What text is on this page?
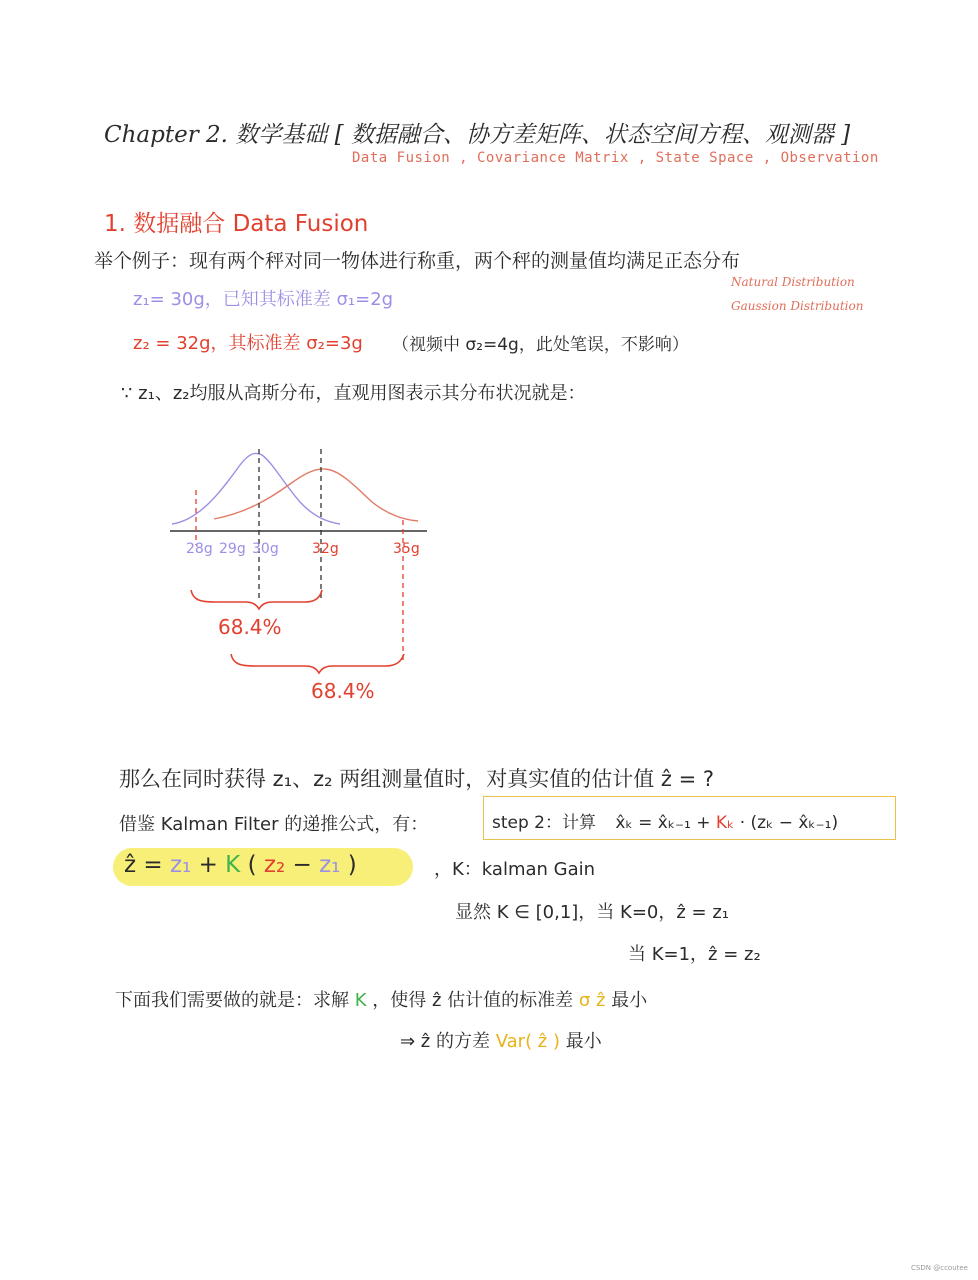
Chapter 2. 数学基础 [ 数据融合、协方差矩阵、状态空间方程、观测器 ]
Data Fusion , Covariance Matrix , State Space , Observation
1. 数据融合 Data Fusion
举个例子：现有两个秤对同一物体进行称重，两个秤的测量值均满足正态分布
Natural Distribution
Gaussion Distribution
z₁= 30g，已知其标准差 σ₁=2g
z₂ = 32g，其标准差 σ₂=3g （视频中 σ₂=4g，此处笔误，不影响）
∵ z₁、z₂均服从高斯分布，直观用图表示其分布状况就是：
28g 29g 30g 32g	35g
68.4%
68.4%
那么在同时获得 z₁、z₂ 两组测量值时，对真实值的估计值 ẑ = ?
借鉴 Kalman Filter 的递推公式，有：	step 2：计算 x̂ₖ = x̂ₖ₋₁ + Kₖ · (zₖ − x̂ₖ₋₁)
ẑ = z₁ + K ( z₂ − z₁ )	，K：kalman Gain
显然 K ∈ [0,1]，当 K=0，ẑ = z₁
当 K=1，ẑ = z₂
下面我们需要做的就是：求解 K ，使得 ẑ 估计值的标准差 σ ẑ 最小
⇒ ẑ 的方差 Var( ẑ ) 最小
CSDN @ccoutee
